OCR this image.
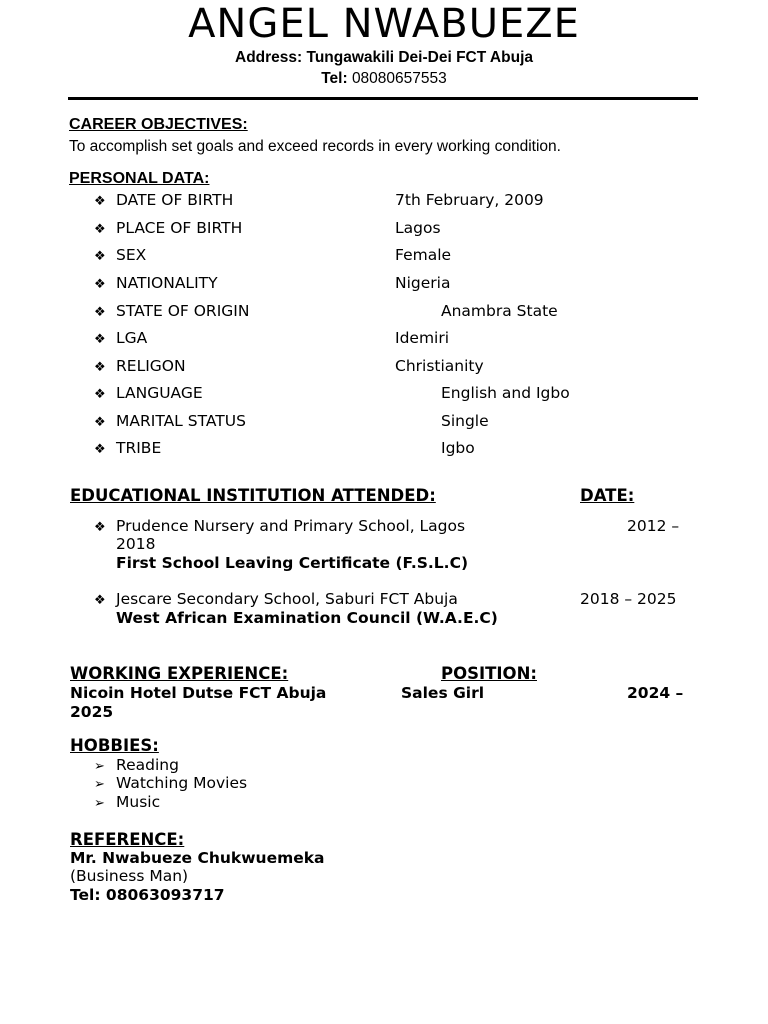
ANGEL NWABUEZE
Address: Tungawakili Dei-Dei FCT Abuja
Tel: 08080657553
CAREER OBJECTIVES:
To accomplish set goals and exceed records in every working condition.
PERSONAL DATA:
❖ DATE OF BIRTH	7th February, 2009
❖ PLACE OF BIRTH	Lagos
❖ SEX	Female
❖ NATIONALITY	Nigeria
❖ STATE OF ORIGIN	Anambra State
❖ LGA	Idemiri
❖ RELIGON	Christianity
❖ LANGUAGE	English and Igbo
❖ MARITAL STATUS	Single
❖ TRIBE	Igbo
EDUCATIONAL INSTITUTION ATTENDED:	DATE:
❖ Prudence Nursery and Primary School, Lagos	2012 –
2018
First School Leaving Certificate (F.S.L.C)
❖ Jescare Secondary School, Saburi FCT Abuja	2018 – 2025
West African Examination Council (W.A.E.C)
WORKING EXPERIENCE:	POSITION:
Nicoin Hotel Dutse FCT Abuja	Sales Girl	2024 –
2025
HOBBIES:
➢ Reading
➢ Watching Movies
➢ Music
REFERENCE:
Mr. Nwabueze Chukwuemeka
(Business Man)
Tel: 08063093717
